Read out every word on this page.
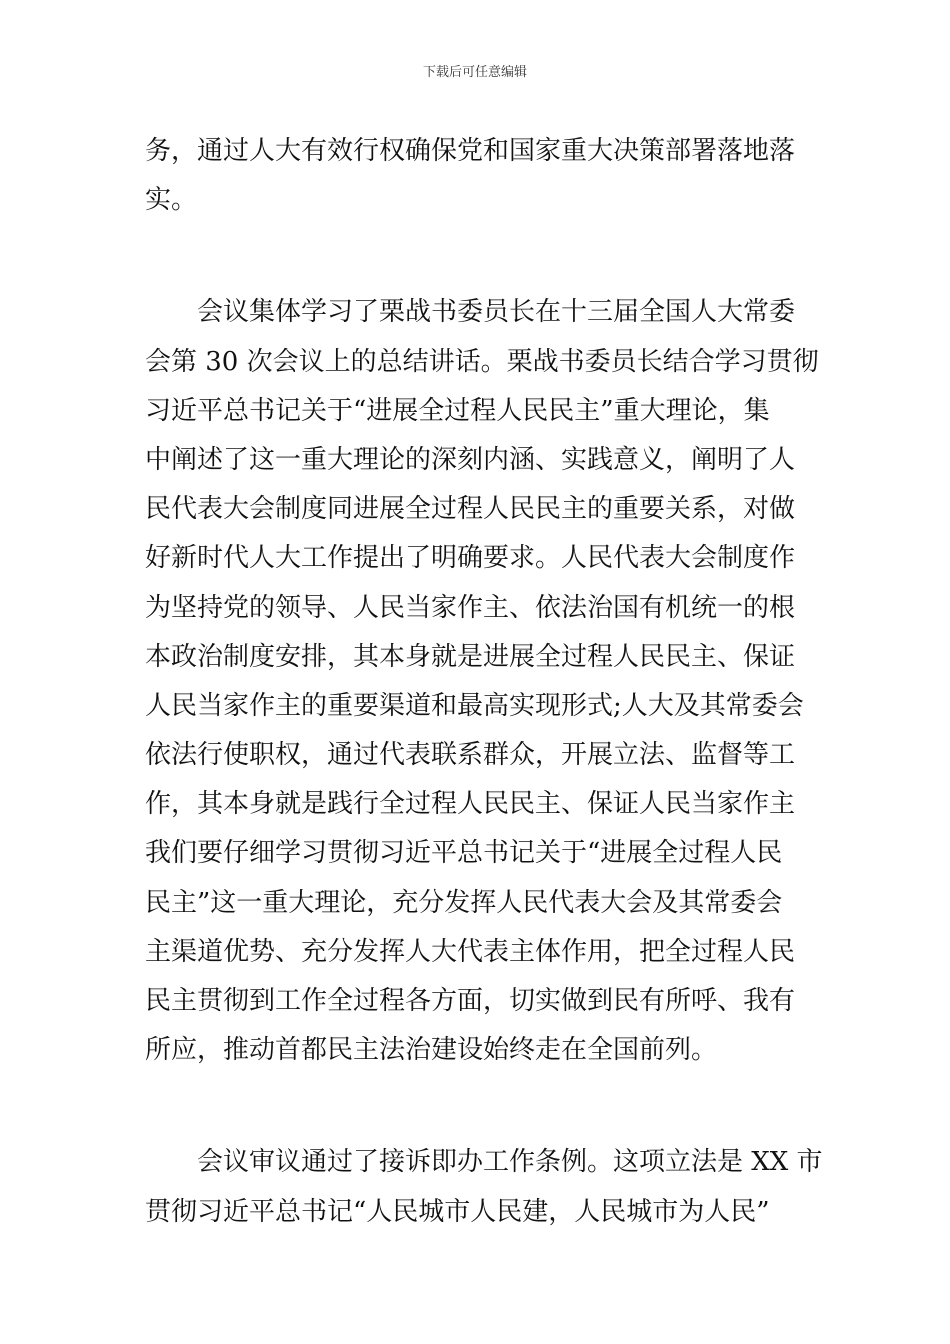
下载后可任意编辑
务，通过人大有效行权确保党和国家重大决策部署落地落
实。
　　会议集体学习了栗战书委员长在十三届全国人大常委
会第 30 次会议上的总结讲话。栗战书委员长结合学习贯彻
习近平总书记关于“进展全过程人民民主”重大理论，集
中阐述了这一重大理论的深刻内涵、实践意义，阐明了人
民代表大会制度同进展全过程人民民主的重要关系，对做
好新时代人大工作提出了明确要求。人民代表大会制度作
为坚持党的领导、人民当家作主、依法治国有机统一的根
本政治制度安排，其本身就是进展全过程人民民主、保证
人民当家作主的重要渠道和最高实现形式;人大及其常委会
依法行使职权，通过代表联系群众，开展立法、监督等工
作，其本身就是践行全过程人民民主、保证人民当家作主
我们要仔细学习贯彻习近平总书记关于“进展全过程人民
民主”这一重大理论，充分发挥人民代表大会及其常委会
主渠道优势、充分发挥人大代表主体作用，把全过程人民
民主贯彻到工作全过程各方面，切实做到民有所呼、我有
所应，推动首都民主法治建设始终走在全国前列。
　　会议审议通过了接诉即办工作条例。这项立法是 XX 市
贯彻习近平总书记“人民城市人民建，人民城市为人民”
